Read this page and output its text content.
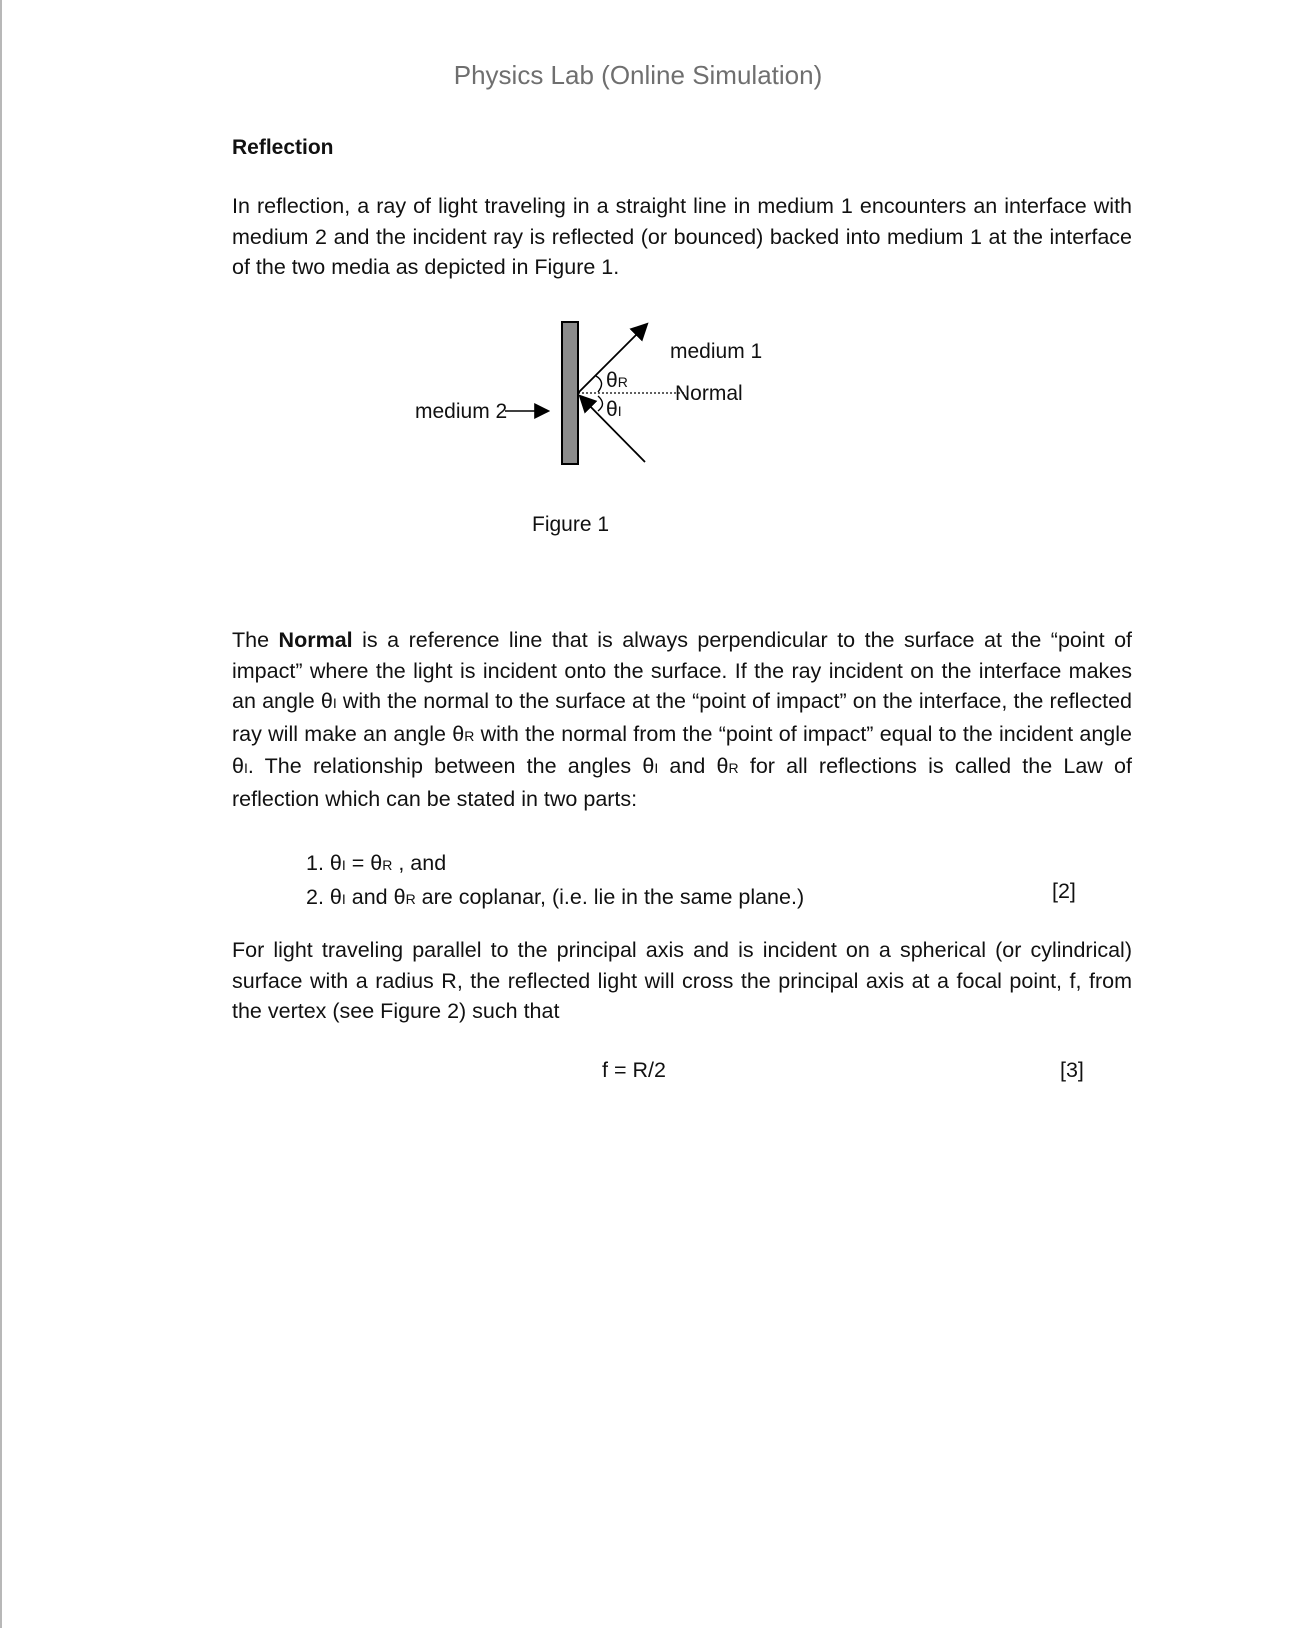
Physics Lab (Online Simulation)
Reflection

In reflection, a ray of light traveling in a straight line in medium 1 encounters an interface with medium 2 and the incident ray is reflected (or bounced) backed into medium 1 at the interface of the two media as depicted in Figure 1.

medium 1
Normal
medium 2
θR
θI
Figure 1

The Normal is a reference line that is always perpendicular to the surface at the “point of impact” where the light is incident onto the surface. If the ray incident on the interface makes an angle θI with the normal to the surface at the “point of impact” on the interface, the reflected ray will make an angle θR with the normal from the “point of impact” equal to the incident angle θI. The relationship between the angles θI and θR for all reflections is called the Law of reflection which can be stated in two parts:

1. θI = θR , and
2. θI and θR are coplanar, (i.e. lie in the same plane.)	[2]

For light traveling parallel to the principal axis and is incident on a spherical (or cylindrical) surface with a radius R, the reflected light will cross the principal axis at a focal point, f, from the vertex (see Figure 2) such that

f = R/2	[3]
